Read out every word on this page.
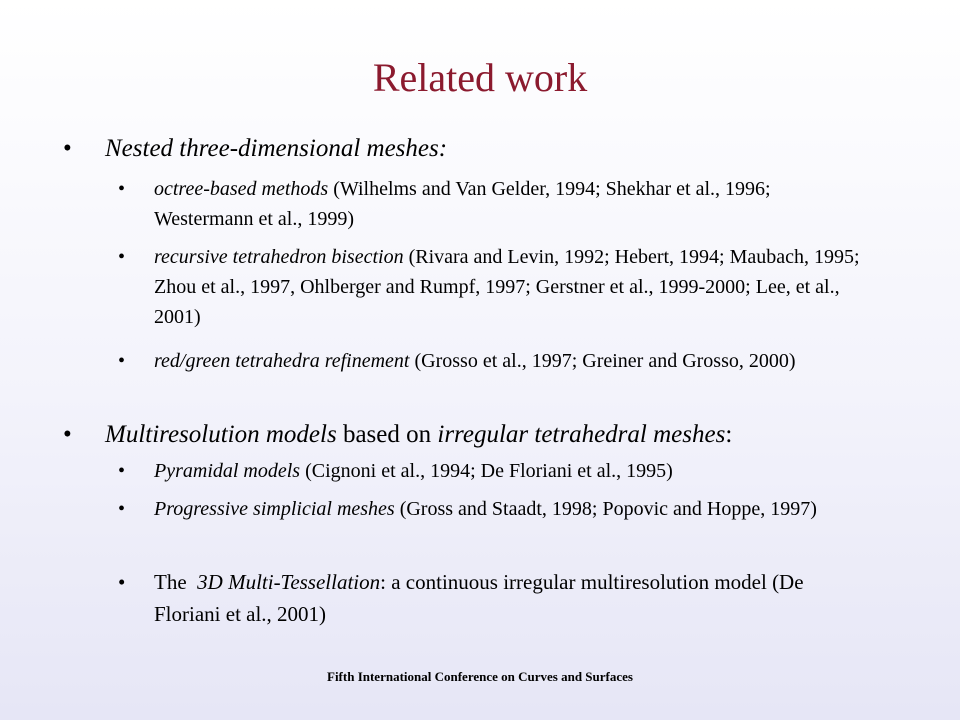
Related work
• Nested three-dimensional meshes:
• octree-based methods (Wilhelms and Van Gelder, 1994; Shekhar et al., 1996; Westermann et al., 1999)
• recursive tetrahedron bisection (Rivara and Levin, 1992; Hebert, 1994; Maubach, 1995; Zhou et al., 1997, Ohlberger and Rumpf, 1997; Gerstner et al., 1999-2000; Lee, et al., 2001)
• red/green tetrahedra refinement (Grosso et al., 1997; Greiner and Grosso, 2000)
• Multiresolution models based on irregular tetrahedral meshes:
• Pyramidal models (Cignoni et al., 1994; De Floriani et al., 1995)
• Progressive simplicial meshes (Gross and Staadt, 1998; Popovic and Hoppe, 1997)
• The  3D Multi-Tessellation: a continuous irregular multiresolution model (De Floriani et al., 2001)
Fifth International Conference on Curves and Surfaces
